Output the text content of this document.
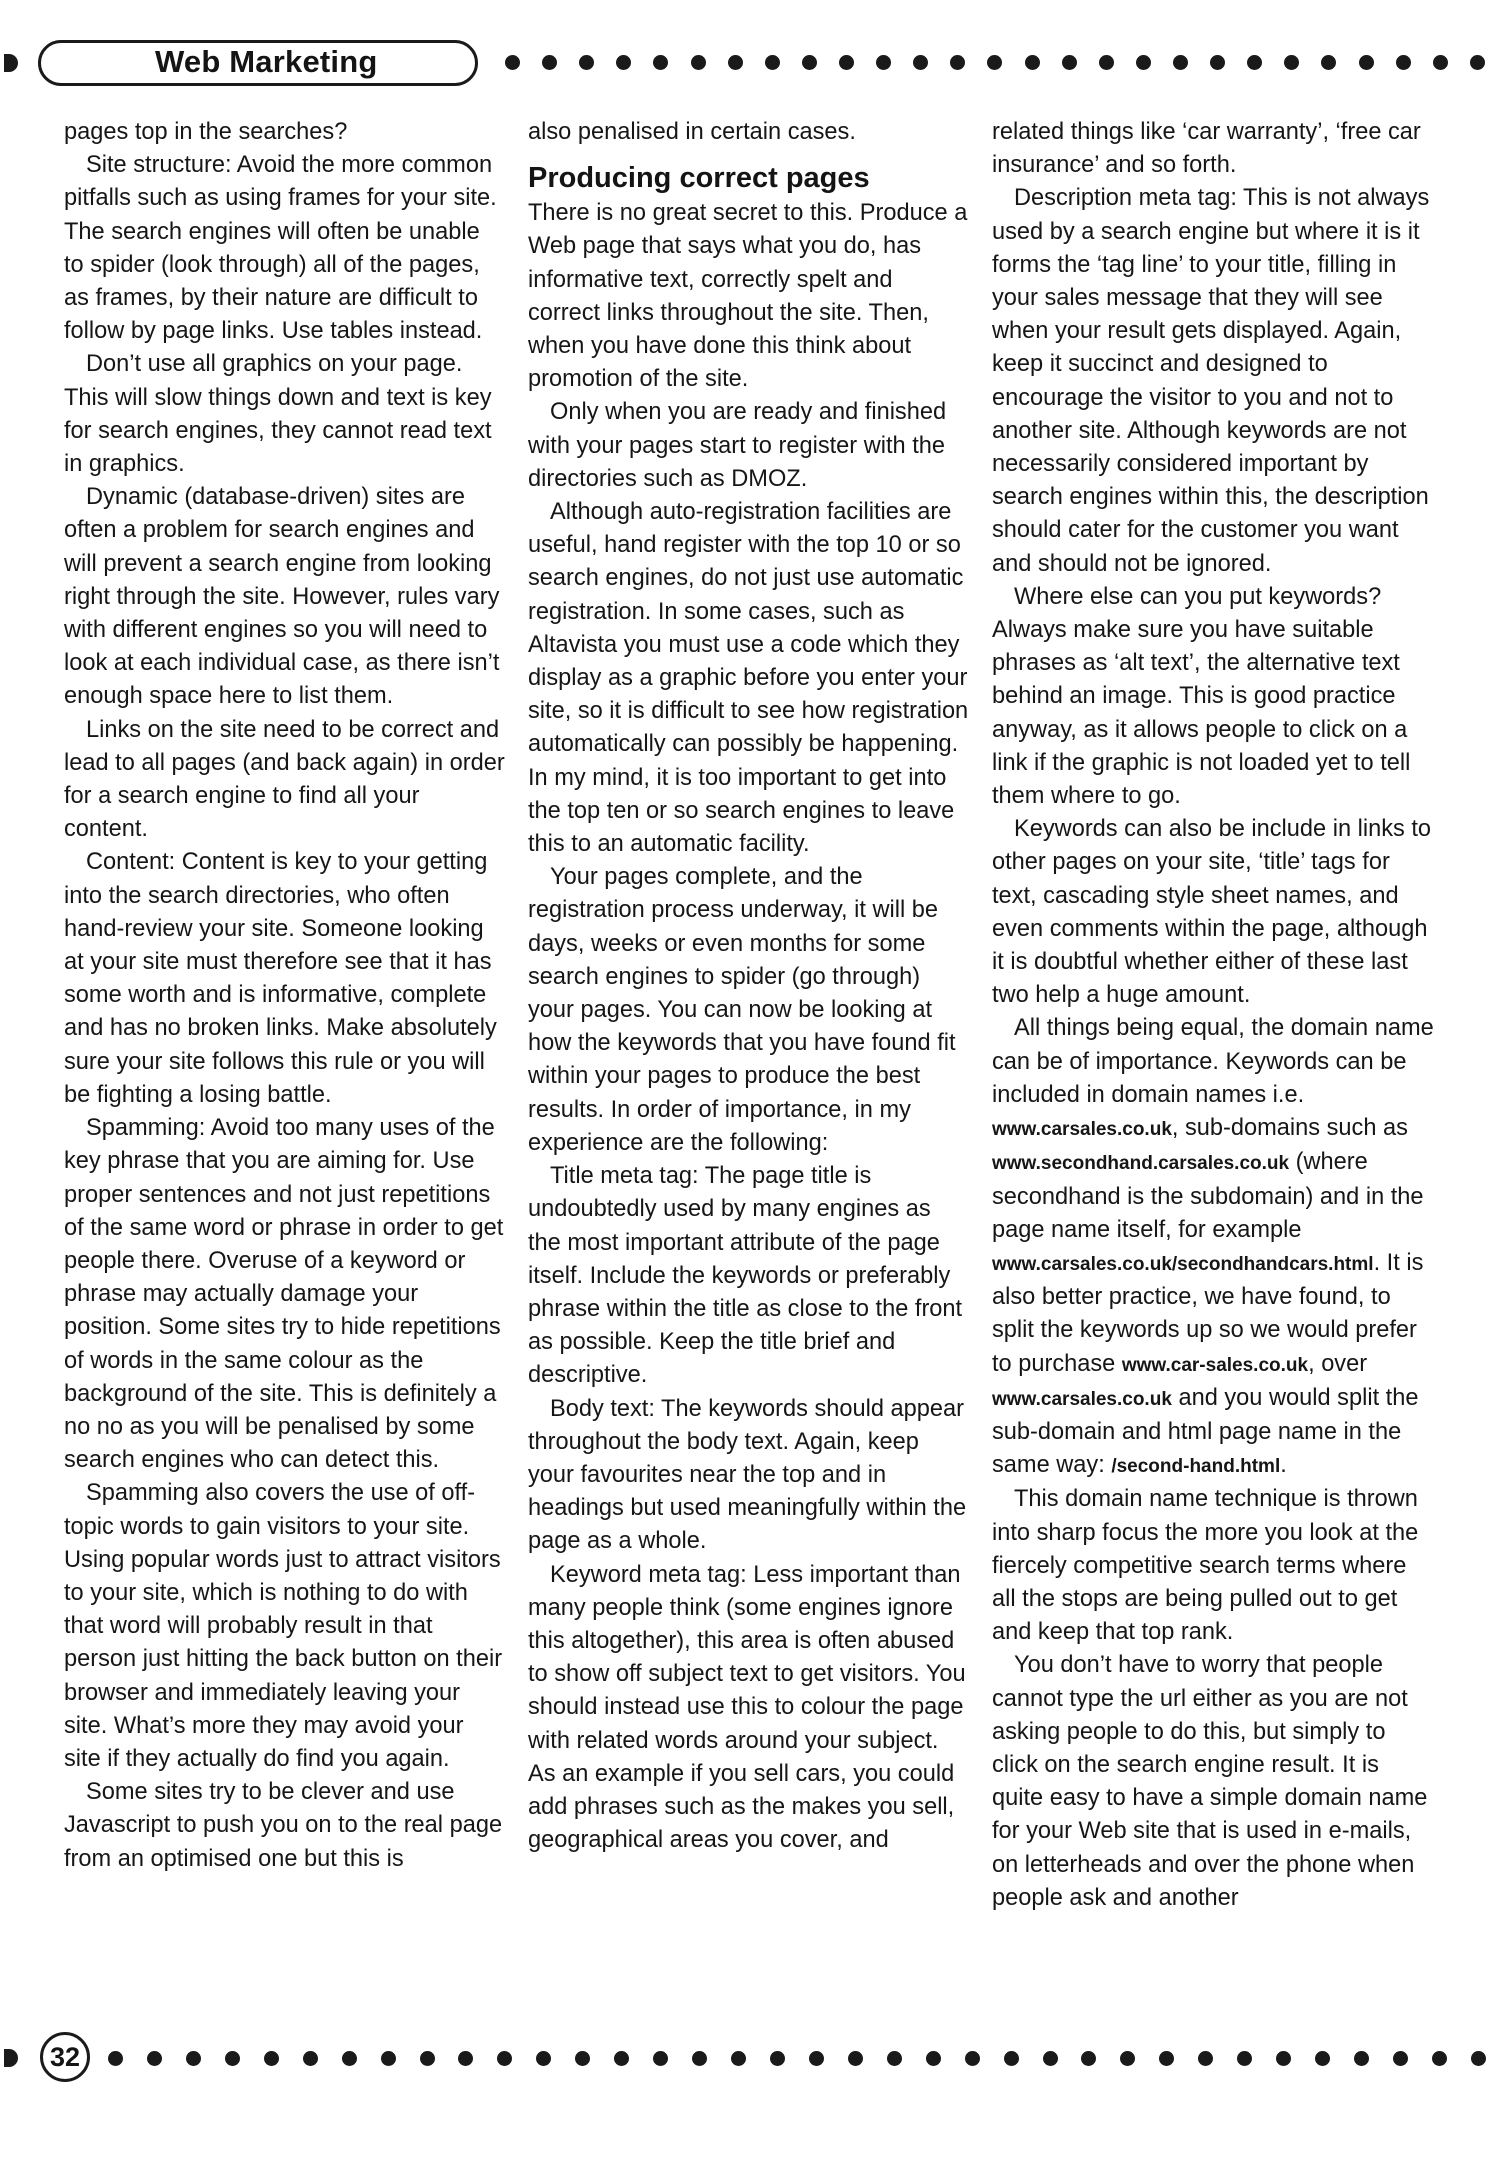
Web Marketing

pages top in the searches?

Site structure: Avoid the more common pitfalls such as using frames for your site. The search engines will often be unable to spider (look through) all of the pages, as frames, by their nature are difficult to follow by page links. Use tables instead.

Don’t use all graphics on your page. This will slow things down and text is key for search engines, they cannot read text in graphics.

Dynamic (database-driven) sites are often a problem for search engines and will prevent a search engine from looking right through the site. However, rules vary with different engines so you will need to look at each individual case, as there isn’t enough space here to list them.

Links on the site need to be correct and lead to all pages (and back again) in order for a search engine to find all your content.

Content: Content is key to your getting into the search directories, who often hand-review your site. Someone looking at your site must therefore see that it has some worth and is informative, complete and has no broken links. Make absolutely sure your site follows this rule or you will be fighting a losing battle.

Spamming: Avoid too many uses of the key phrase that you are aiming for. Use proper sentences and not just repetitions of the same word or phrase in order to get people there. Overuse of a keyword or phrase may actually damage your position. Some sites try to hide repetitions of words in the same colour as the background of the site. This is definitely a no no as you will be penalised by some search engines who can detect this.

Spamming also covers the use of off-topic words to gain visitors to your site. Using popular words just to attract visitors to your site, which is nothing to do with that word will probably result in that person just hitting the back button on their browser and immediately leaving your site. What’s more they may avoid your site if they actually do find you again.

Some sites try to be clever and use Javascript to push you on to the real page from an optimised one but this is

also penalised in certain cases.

Producing correct pages

There is no great secret to this. Produce a Web page that says what you do, has informative text, correctly spelt and correct links throughout the site. Then, when you have done this think about promotion of the site.

Only when you are ready and finished with your pages start to register with the directories such as DMOZ.

Although auto-registration facilities are useful, hand register with the top 10 or so search engines, do not just use automatic registration. In some cases, such as Altavista you must use a code which they display as a graphic before you enter your site, so it is difficult to see how registration automatically can possibly be happening. In my mind, it is too important to get into the top ten or so search engines to leave this to an automatic facility.

Your pages complete, and the registration process underway, it will be days, weeks or even months for some search engines to spider (go through) your pages. You can now be looking at how the keywords that you have found fit within your pages to produce the best results. In order of importance, in my experience are the following:

Title meta tag: The page title is undoubtedly used by many engines as the most important attribute of the page itself. Include the keywords or preferably phrase within the title as close to the front as possible. Keep the title brief and descriptive.

Body text: The keywords should appear throughout the body text. Again, keep your favourites near the top and in headings but used meaningfully within the page as a whole.

Keyword meta tag: Less important than many people think (some engines ignore this altogether), this area is often abused to show off subject text to get visitors. You should instead use this to colour the page with related words around your subject. As an example if you sell cars, you could add phrases such as the makes you sell, geographical areas you cover, and

related things like ‘car warranty’, ‘free car insurance’ and so forth.

Description meta tag: This is not always used by a search engine but where it is it forms the ‘tag line’ to your title, filling in your sales message that they will see when your result gets displayed. Again, keep it succinct and designed to encourage the visitor to you and not to another site. Although keywords are not necessarily considered important by search engines within this, the description should cater for the customer you want and should not be ignored.

Where else can you put keywords? Always make sure you have suitable phrases as ‘alt text’, the alternative text behind an image. This is good practice anyway, as it allows people to click on a link if the graphic is not loaded yet to tell them where to go.

Keywords can also be include in links to other pages on your site, ‘title’ tags for text, cascading style sheet names, and even comments within the page, although it is doubtful whether either of these last two help a huge amount.

All things being equal, the domain name can be of importance. Keywords can be included in domain names i.e. www.carsales.co.uk, sub-domains such as www.secondhand.carsales.co.uk (where secondhand is the subdomain) and in the page name itself, for example www.carsales.co.uk/secondhandcars.html. It is also better practice, we have found, to split the keywords up so we would prefer to purchase www.car-sales.co.uk, over www.carsales.co.uk and you would split the sub-domain and html page name in the same way: /second-hand.html.

This domain name technique is thrown into sharp focus the more you look at the fiercely competitive search terms where all the stops are being pulled out to get and keep that top rank.

You don’t have to worry that people cannot type the url either as you are not asking people to do this, but simply to click on the search engine result. It is quite easy to have a simple domain name for your Web site that is used in e-mails, on letterheads and over the phone when people ask and another

32
